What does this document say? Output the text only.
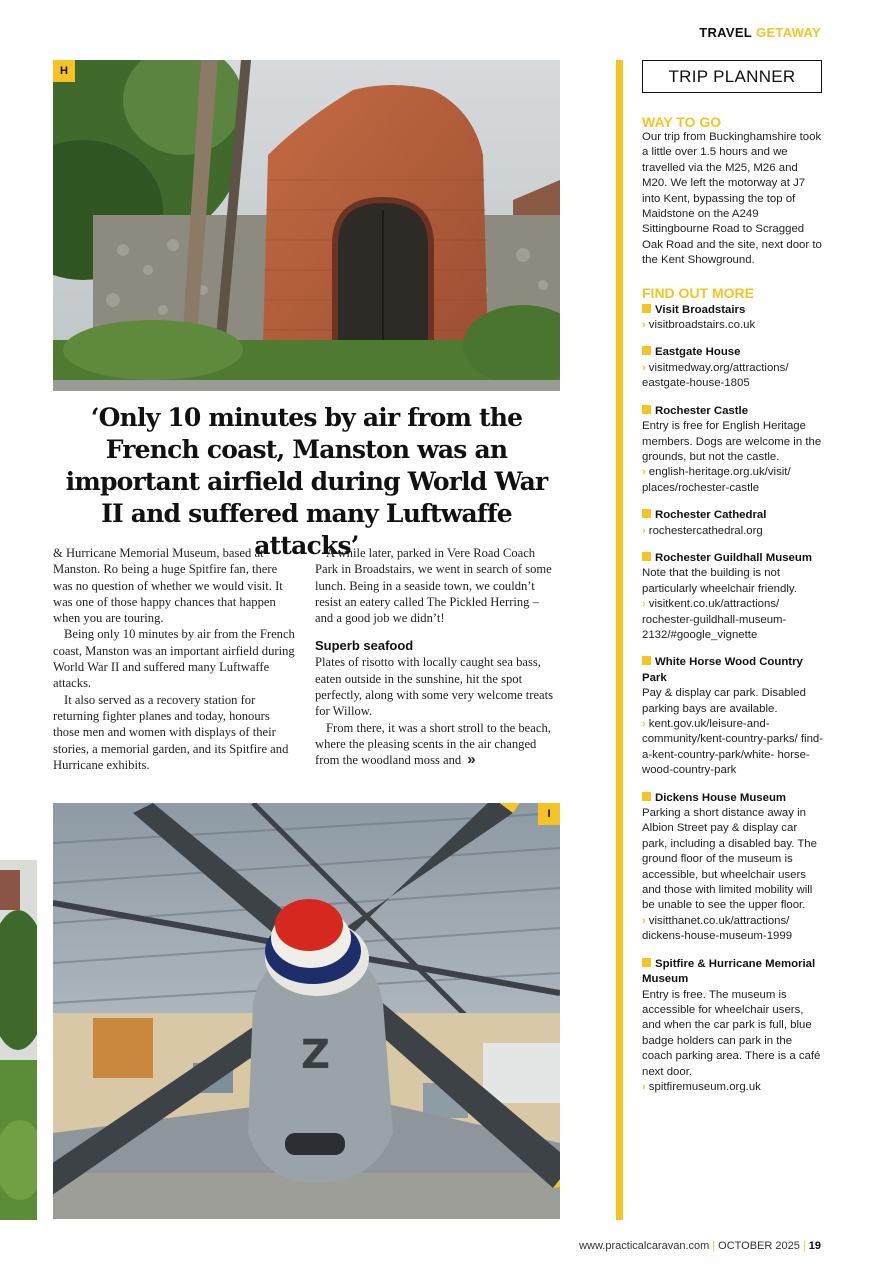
TRAVEL GETAWAY
H
‘Only 10 minutes by air from the French coast, Manston was an important airfield during World War II and suffered many Luftwaffe attacks’

& Hurricane Memorial Museum, based at Manston. Ro being a huge Spitfire fan, there was no question of whether we would visit. It was one of those happy chances that happen when you are touring.

Being only 10 minutes by air from the French coast, Manston was an important airfield during World War II and suffered many Luftwaffe attacks.

It also served as a recovery station for returning fighter planes and today, honours those men and women with displays of their stories, a memorial garden, and its Spitfire and Hurricane exhibits.

A while later, parked in Vere Road Coach Park in Broadstairs, we went in search of some lunch. Being in a seaside town, we couldn’t resist an eatery called The Pickled Herring – and a good job we didn’t!

Superb seafood

Plates of risotto with locally caught sea bass, eaten outside in the sunshine, hit the spot perfectly, along with some very welcome treats for Willow.

From there, it was a short stroll to the beach, where the pleasing scents in the air changed from the woodland moss and »

Z
I
TRIP PLANNER
WAY TO GO
Our trip from Buckinghamshire took a little over 1.5 hours and we travelled via the M25, M26 and M20. We left the motorway at J7 into Kent, bypassing the top of Maidstone on the A249 Sittingbourne Road to Scragged Oak Road and the site, next door to the Kent Showground.
FIND OUT MORE
Visit Broadstairs
› visitbroadstairs.co.uk
Eastgate House
› visitmedway.org/attractions/ eastgate-house-1805
Rochester Castle
Entry is free for English Heritage members. Dogs are welcome in the grounds, but not the castle.
› english-heritage.org.uk/visit/ places/rochester-castle
Rochester Cathedral
› rochestercathedral.org
Rochester Guildhall Museum
Note that the building is not particularly wheelchair friendly.
› visitkent.co.uk/attractions/ rochester-guildhall-museum- 2132/#google_vignette
White Horse Wood Country Park
Pay & display car park. Disabled parking bays are available.
› kent.gov.uk/leisure-and- community/kent-country-parks/ find-a-kent-country-park/white- horse-wood-country-park
Dickens House Museum
Parking a short distance away in Albion Street pay & display car park, including a disabled bay. The ground floor of the museum is accessible, but wheelchair users and those with limited mobility will be unable to see the upper floor.
› visitthanet.co.uk/attractions/ dickens-house-museum-1999
Spitfire & Hurricane Memorial Museum
Entry is free. The museum is accessible for wheelchair users, and when the car park is full, blue badge holders can park in the coach parking area. There is a café next door.
› spitfiremuseum.org.uk
www.practicalcaravan.com | OCTOBER 2025 | 19
